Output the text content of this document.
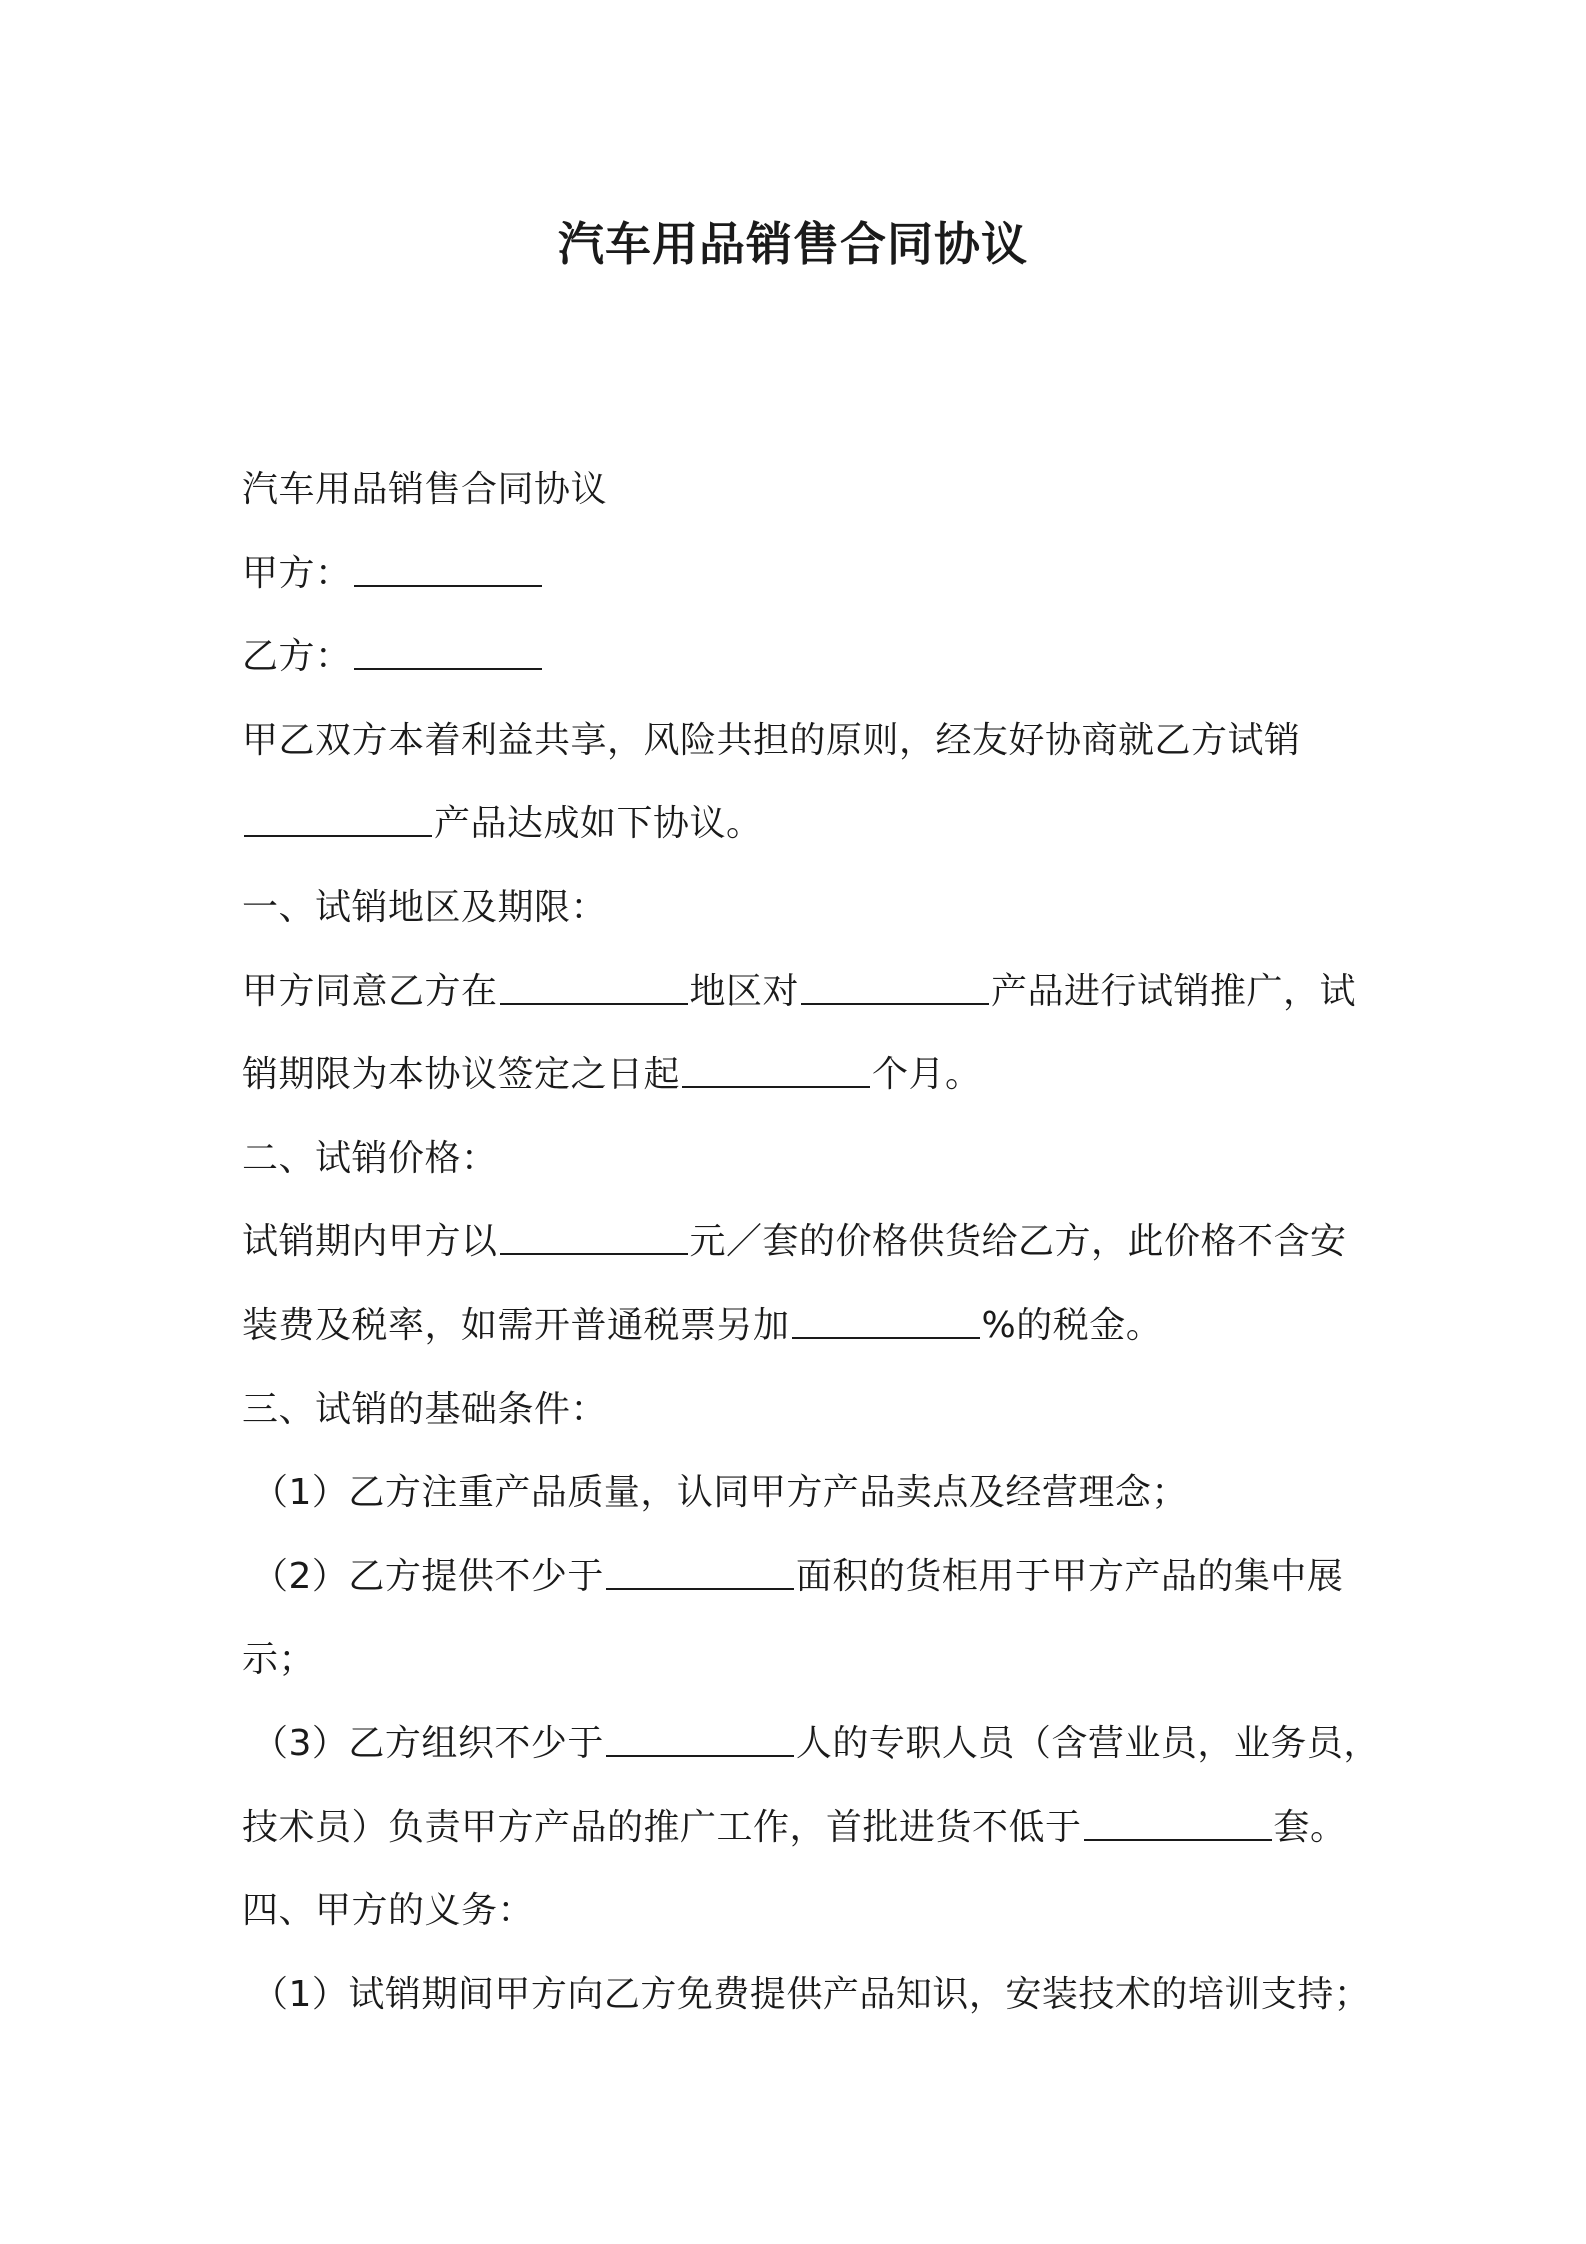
汽车用品销售合同协议
汽车用品销售合同协议
甲方：
乙方：
甲乙双方本着利益共享，风险共担的原则，经友好协商就乙方试销
产品达成如下协议。
一、试销地区及期限：
甲方同意乙方在	地区对	产品进行试销推广，试
销期限为本协议签定之日起	个月。
二、试销价格：
试销期内甲方以	元／套的价格供货给乙方，此价格不含安
装费及税率，如需开普通税票另加	%的税金。
三、试销的基础条件：
（1）乙方注重产品质量，认同甲方产品卖点及经营理念；
（2）乙方提供不少于	面积的货柜用于甲方产品的集中展
示；
（3）乙方组织不少于	人的专职人员（含营业员，业务员，
技术员）负责甲方产品的推广工作，首批进货不低于	套。
四、甲方的义务：
（1）试销期间甲方向乙方免费提供产品知识，安装技术的培训支持；
